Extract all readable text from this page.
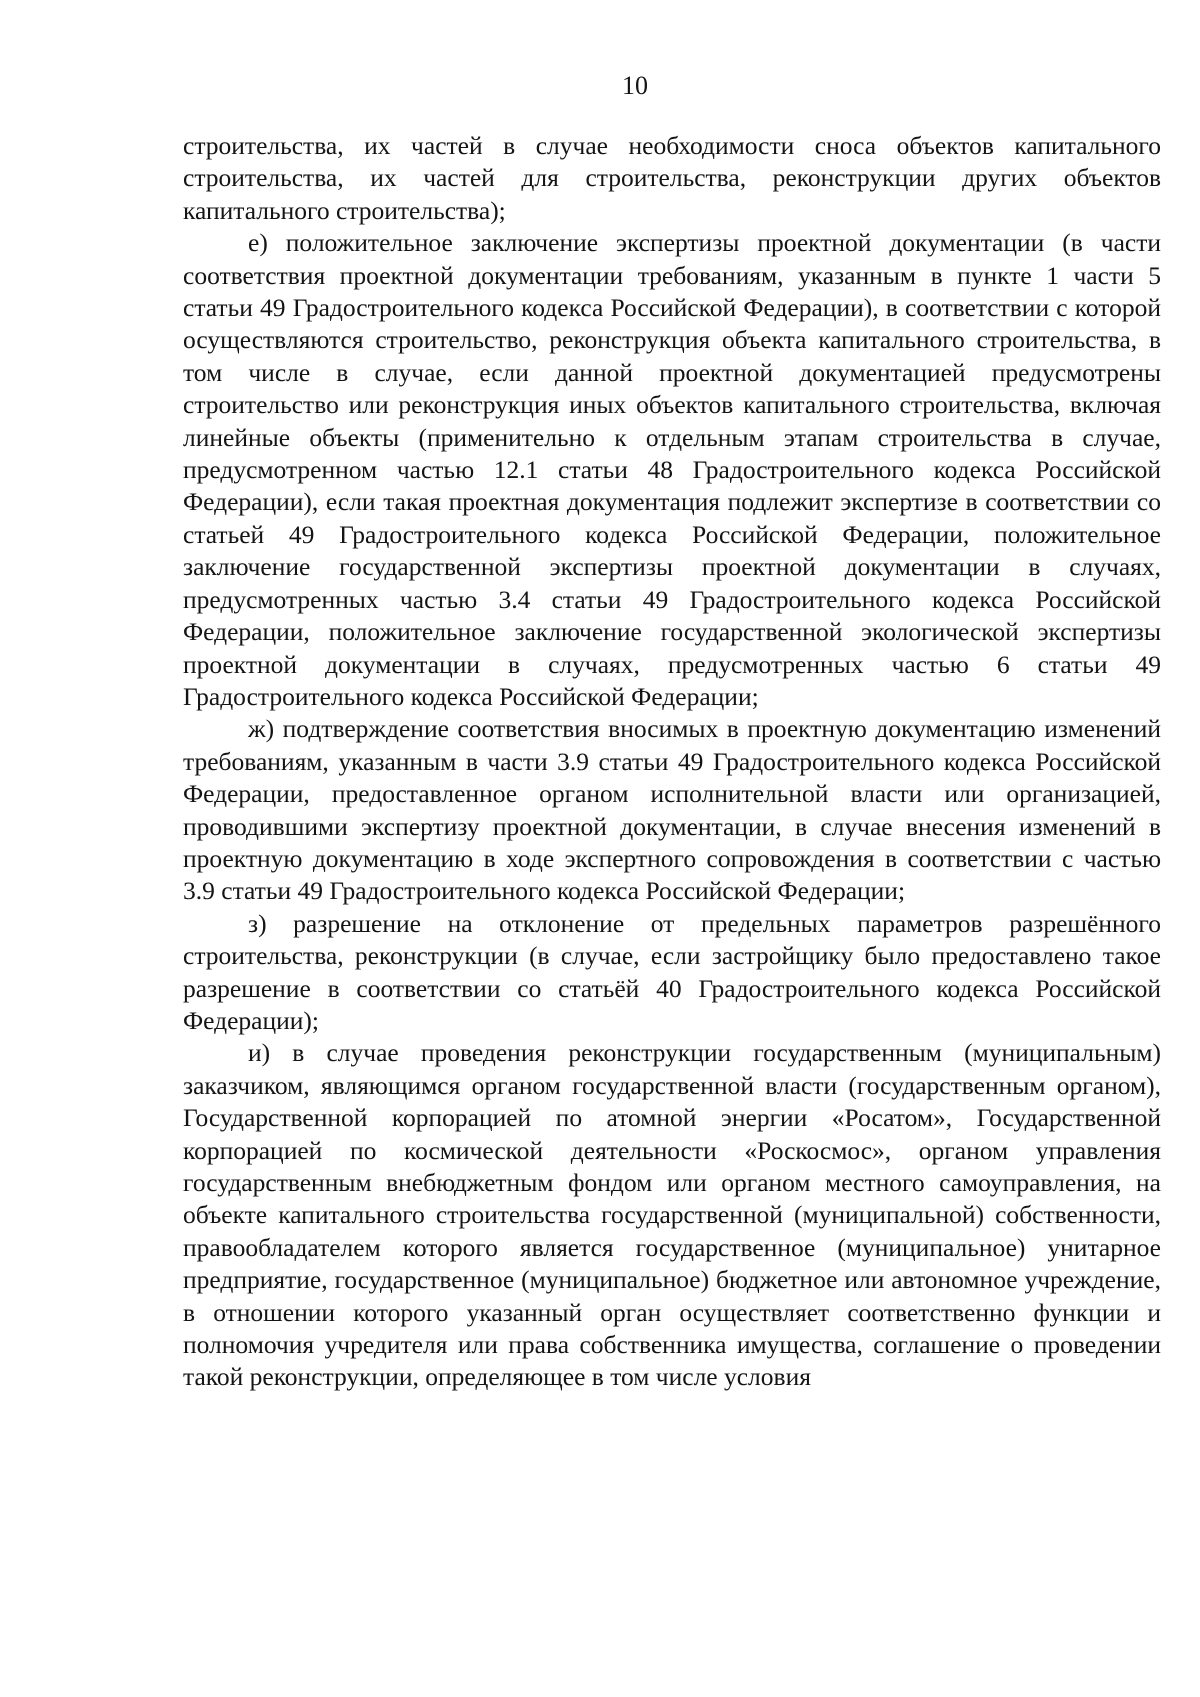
10

строительства, их частей в случае необходимости сноса объектов капитального строительства, их частей для строительства, реконструкции других объектов капитального строительства);

е) положительное заключение экспертизы проектной документации (в части соответствия проектной документации требованиям, указанным в пункте 1 части 5 статьи 49 Градостроительного кодекса Российской Федерации), в соответствии с которой осуществляются строительство, реконструкция объекта капитального строительства, в том числе в случае, если данной проектной документацией предусмотрены строительство или реконструкция иных объектов капитального строительства, включая линейные объекты (применительно к отдельным этапам строительства в случае, предусмотренном частью 12.1 статьи 48 Градостроительного кодекса Российской Федерации), если такая проектная документация подлежит экспертизе в соответствии со статьей 49 Градостроительного кодекса Российской Федерации, положительное заключение государственной экспертизы проектной документации в случаях, предусмотренных частью 3.4 статьи 49 Градостроительного кодекса Российской Федерации, положительное заключение государственной экологической экспертизы проектной документации в случаях, предусмотренных частью 6 статьи 49 Градостроительного кодекса Российской Федерации;

ж) подтверждение соответствия вносимых в проектную документацию изменений требованиям, указанным в части 3.9 статьи 49 Градостроительного кодекса Российской Федерации, предоставленное органом исполнительной власти или организацией, проводившими экспертизу проектной документации, в случае внесения изменений в проектную документацию в ходе экспертного сопровождения в соответствии с частью 3.9 статьи 49 Градостроительного кодекса Российской Федерации;

з) разрешение на отклонение от предельных параметров разрешённого строительства, реконструкции (в случае, если застройщику было предоставлено такое разрешение в соответствии со статьёй 40 Градостроительного кодекса Российской Федерации);

и) в случае проведения реконструкции государственным (муниципальным) заказчиком, являющимся органом государственной власти (государственным органом), Государственной корпорацией по атомной энергии «Росатом», Государственной корпорацией по космической деятельности «Роскосмос», органом управления государственным внебюджетным фондом или органом местного самоуправления, на объекте капитального строительства государственной (муниципальной) собственности, правообладателем которого является государственное (муниципальное) унитарное предприятие, государственное (муниципальное) бюджетное или автономное учреждение, в отношении которого указанный орган осуществляет соответственно функции и полномочия учредителя или права собственника имущества, соглашение о проведении такой реконструкции, определяющее в том числе условия
